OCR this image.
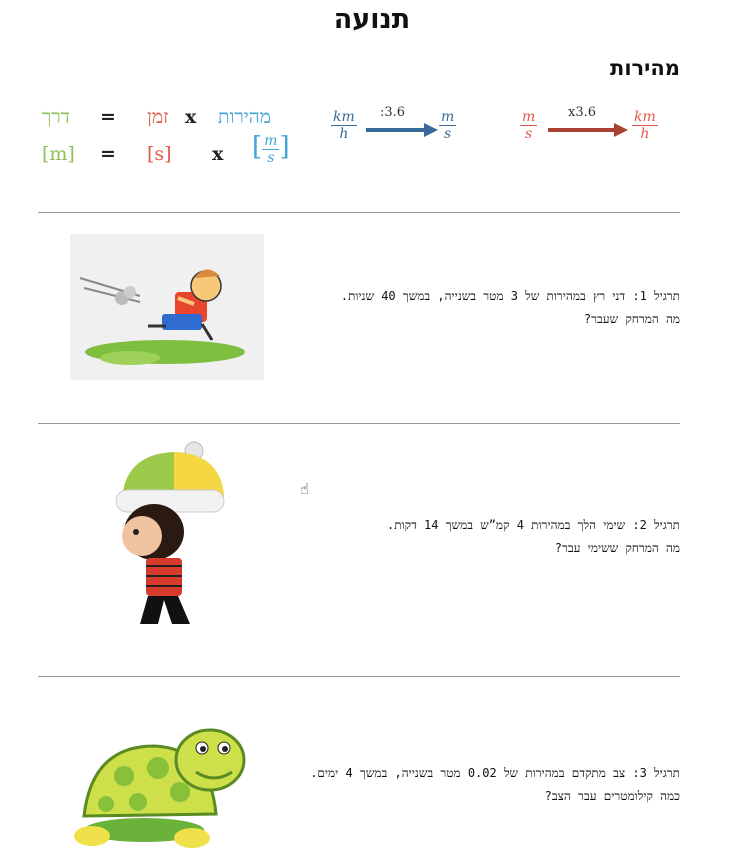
תנועה
מהירות
דרך = זמן x מהירות
[m] = [s] x [ $\frac{m}{s}$ ]
$\frac{km}{h}$ :3.6 $\frac{m}{s}$	$\frac{m}{s} x3.6$	$\frac{km}{h}$
תרגיל 1: דני רץ במהירות של 3 מטר בשנייה, במשך 40 שניות.
מה המרחק שעבר?
☝
תרגיל 2: שימי הלך במהירות 4 קמ”ש במשך 14 דקות.
מה המרחק ששימי עבר?
תרגיל 3: צב מתקדם במהירות של 0.02 מטר בשנייה, במשך 4 ימים.
כמה קילומטרים עבר הצב?
